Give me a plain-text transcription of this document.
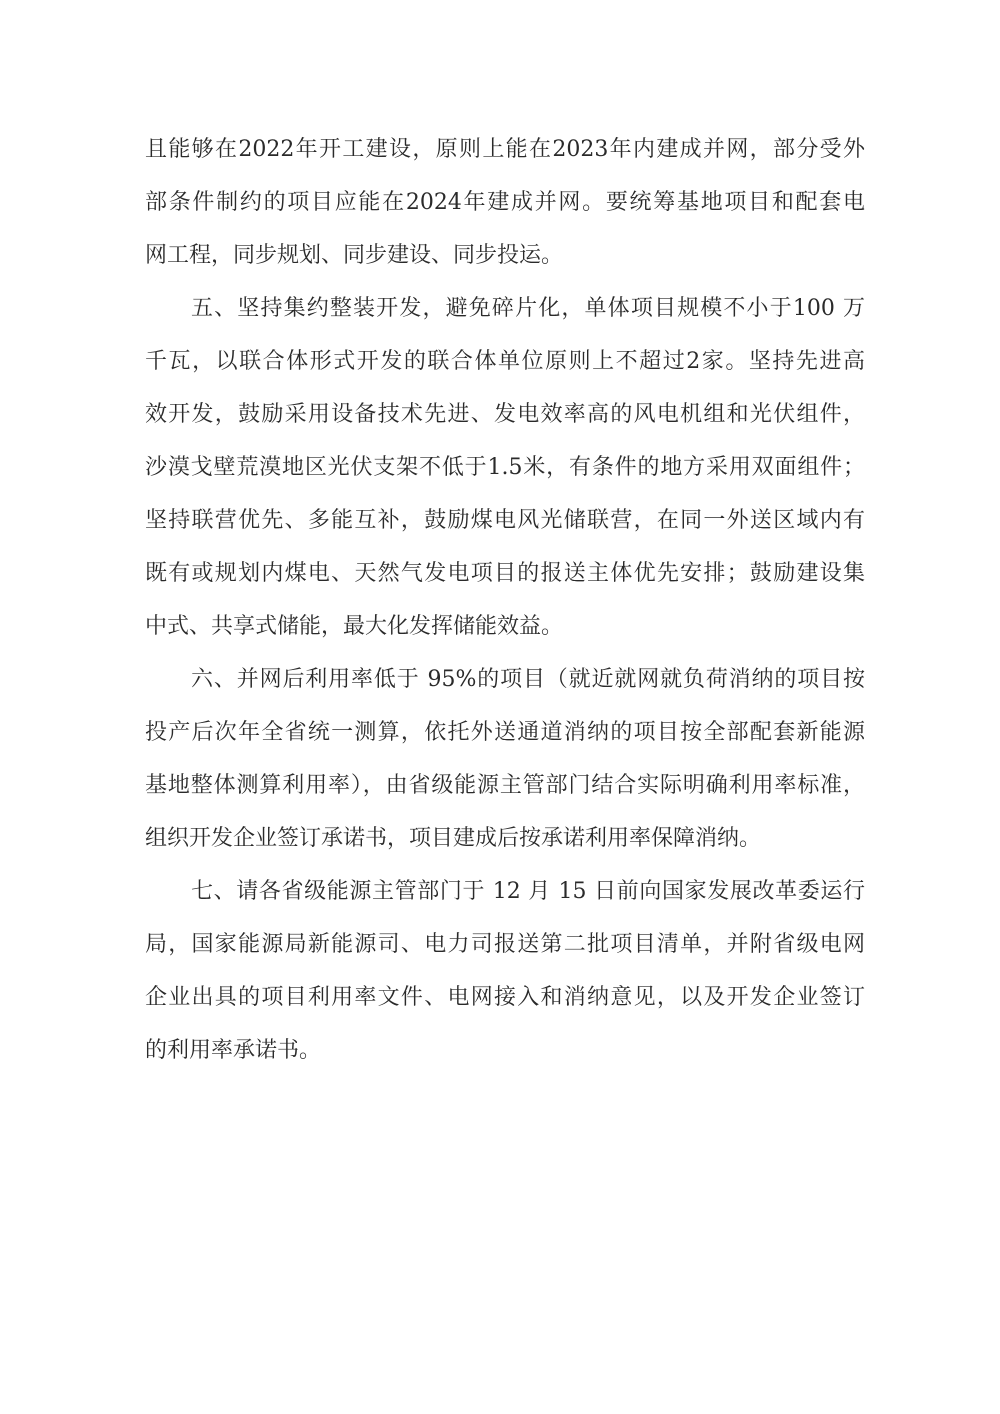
且能够在2022年开工建设，原则上能在2023年内建成并网，部分受外
部条件制约的项目应能在2024年建成并网。要统筹基地项目和配套电
网工程，同步规划、同步建设、同步投运。
五、坚持集约整装开发，避免碎片化，单体项目规模不小于100 万
千瓦，以联合体形式开发的联合体单位原则上不超过2家。坚持先进高
效开发，鼓励采用设备技术先进、发电效率高的风电机组和光伏组件，
沙漠戈壁荒漠地区光伏支架不低于1.5米，有条件的地方采用双面组件；
坚持联营优先、多能互补，鼓励煤电风光储联营，在同一外送区域内有
既有或规划内煤电、天然气发电项目的报送主体优先安排；鼓励建设集
中式、共享式储能，最大化发挥储能效益。
六、并网后利用率低于 95%的项目（就近就网就负荷消纳的项目按
投产后次年全省统一测算，依托外送通道消纳的项目按全部配套新能源
基地整体测算利用率），由省级能源主管部门结合实际明确利用率标准，
组织开发企业签订承诺书，项目建成后按承诺利用率保障消纳。
七、请各省级能源主管部门于 12 月 15 日前向国家发展改革委运行
局，国家能源局新能源司、电力司报送第二批项目清单，并附省级电网
企业出具的项目利用率文件、电网接入和消纳意见，以及开发企业签订
的利用率承诺书。
